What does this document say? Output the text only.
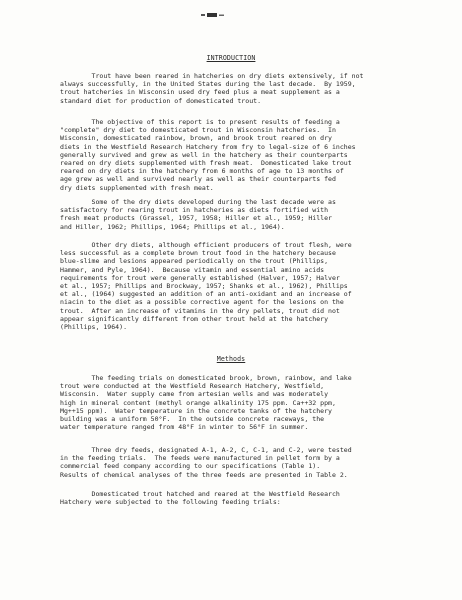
INTRODUCTION
Trout have been reared in hatcheries on dry diets extensively, if not
always successfully, in the United States during the last decade.  By 1959,
trout hatcheries in Wisconsin used dry feed plus a meat supplement as a
standard diet for production of domesticated trout.
The objective of this report is to present results of feeding a
"complete" dry diet to domesticated trout in Wisconsin hatcheries.  In
Wisconsin, domesticated rainbow, brown, and brook trout reared on dry
diets in the Westfield Research Hatchery from fry to legal-size of 6 inches
generally survived and grew as well in the hatchery as their counterparts
reared on dry diets supplemented with fresh meat.  Domesticated lake trout
reared on dry diets in the hatchery from 6 months of age to 13 months of
age grew as well and survived nearly as well as their counterparts fed
dry diets supplemented with fresh meat.
Some of the dry diets developed during the last decade were as
satisfactory for rearing trout in hatcheries as diets fortified with
fresh meat products (Grassel, 1957, 1958; Hiller et al., 1959; Hiller
and Hiller, 1962; Phillips, 1964; Phillips et al., 1964).
Other dry diets, although efficient producers of trout flesh, were
less successful as a complete brown trout food in the hatchery because
blue-slime and lesions appeared periodically on the trout (Phillips,
Hammer, and Pyle, 1964).  Because vitamin and essential amino acids
requirements for trout were generally established (Halver, 1957; Halver
et al., 1957; Phillips and Brockway, 1957; Shanks et al., 1962), Phillips
et al., (1964) suggested an addition of an anti-oxidant and an increase of
niacin to the diet as a possible corrective agent for the lesions on the
trout.  After an increase of vitamins in the dry pellets, trout did not
appear significantly different from other trout held at the hatchery
(Phillips, 1964).
Methods
The feeding trials on domesticated brook, brown, rainbow, and lake
trout were conducted at the Westfield Research Hatchery, Westfield,
Wisconsin.  Water supply came from artesian wells and was moderately
high in mineral content (methyl orange alkalinity 175 ppm. Ca++32 ppm,
Mg++15 ppm).  Water temperature in the concrete tanks of the hatchery
building was a uniform 50°F.  In the outside concrete raceways, the
water temperature ranged from 48°F in winter to 56°F in summer.
Three dry feeds, designated A-1, A-2, C, C-1, and C-2, were tested
in the feeding trials.  The feeds were manufactured in pellet form by a
commercial feed company according to our specifications (Table 1).
Results of chemical analyses of the three feeds are presented in Table 2.
Domesticated trout hatched and reared at the Westfield Research
Hatchery were subjected to the following feeding trials:
